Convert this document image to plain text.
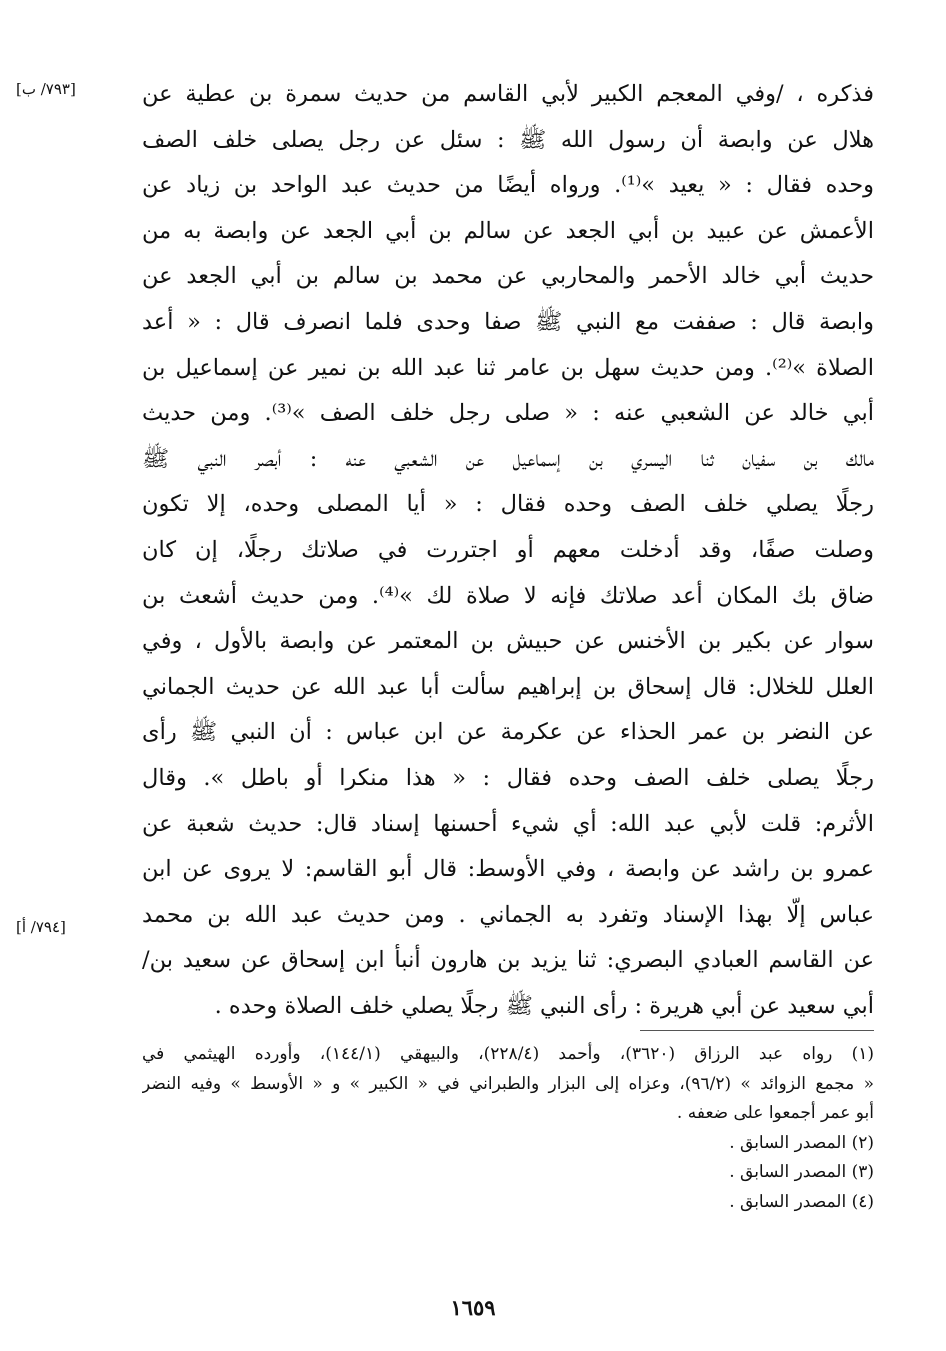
[٧٩٣/ ب]
[٧٩٤/ أ]
فذكره ، /وفي المعجم الكبير لأبي القاسم من حديث سمرة بن عطية عن
هلال عن وابصة أن رسول الله ﷺ : سئل عن رجل يصلى خلف الصف
وحده فقال : « يعيد »⁽¹⁾. ورواه أيضًا من حديث عبد الواحد بن زياد عن
الأعمش عن عبيد بن أبي الجعد عن سالم بن أبي الجعد عن وابصة به من
حديث أبي خالد الأحمر والمحاربي عن محمد بن سالم بن أبي الجعد عن
وابصة قال : صففت مع النبي ﷺ صفا وحدى فلما انصرف قال : « أعد
الصلاة »⁽²⁾. ومن حديث سهل بن عامر ثنا عبد الله بن نمير عن إسماعيل بن
أبي خالد عن الشعبي عنه : « صلى رجل خلف الصف »⁽³⁾. ومن حديث
مالك بن سفيان ثنا اليسري بن إسماعيل عن الشعبي عنه : أبصر النبي ﷺ
رجلًا يصلي خلف الصف وحده فقال : « أيا المصلى وحده، إلا تكون
وصلت صفًا، وقد أدخلت معهم أو اجتررت في صلاتك رجلًا، إن كان
ضاق بك المكان أعد صلاتك فإنه لا صلاة لك »⁽⁴⁾. ومن حديث أشعث بن
سوار عن بكير بن الأخنس عن حبيش بن المعتمر عن وابصة بالأول ، وفي
العلل للخلال: قال إسحاق بن إبراهيم سألت أبا عبد الله عن حديث الجماني
عن النضر بن عمر الحذاء عن عكرمة عن ابن عباس : أن النبي ﷺ رأى
رجلًا يصلى خلف الصف وحده فقال : « هذا منكرا أو باطل ». وقال
الأثرم: قلت لأبي عبد الله: أي شيء أحسنها إسناد قال: حديث شعبة عن
عمرو بن راشد عن وابصة ، وفي الأوسط: قال أبو القاسم: لا يروى عن ابن
عباس إلّا بهذا الإسناد وتفرد به الجماني . ومن حديث عبد الله بن محمد
عن القاسم العبادي البصري: ثنا يزيد بن هارون أنبأ ابن إسحاق عن سعيد بن/
أبي سعيد عن أبي هريرة : رأى النبي ﷺ رجلًا يصلي خلف الصلاة وحده .
(١) رواه عبد الرزاق (٣٦٢٠)، وأحمد (٢٢٨/٤)، والبيهقي (١٤٤/١)، وأورده الهيثمي في
« مجمع الزوائد » (٩٦/٢)، وعزاه إلى البزار والطبراني في « الكبير » و « الأوسط » وفيه النضر
أبو عمر أجمعوا على ضعفه .
(٢) المصدر السابق .
(٣) المصدر السابق .
(٤) المصدر السابق .
١٦٥٩
